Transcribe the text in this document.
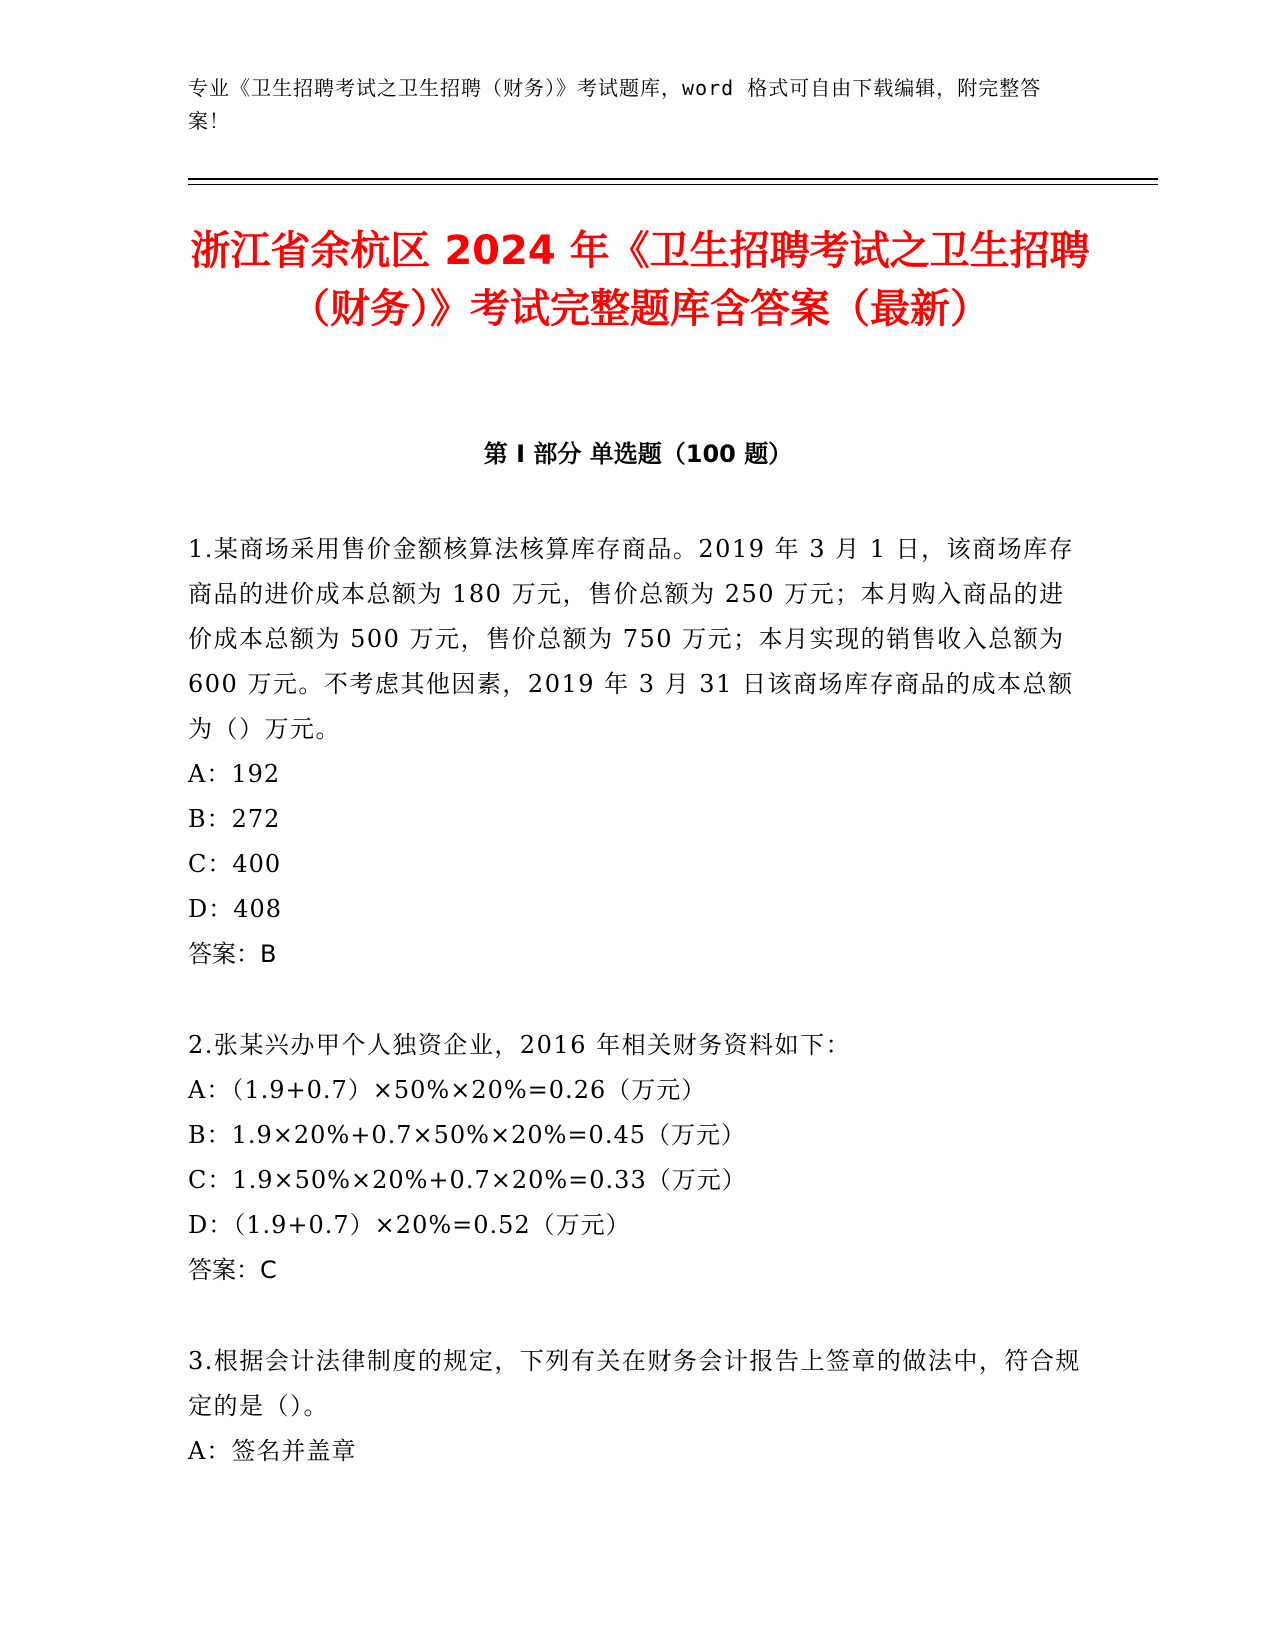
专业《卫生招聘考试之卫生招聘（财务）》考试题库，word 格式可自由下载编辑，附完整答案！
浙江省余杭区 2024 年《卫生招聘考试之卫生招聘（财务）》考试完整题库含答案（最新）
第 I 部分 单选题（100 题）

1.某商场采用售价金额核算法核算库存商品。2019 年 3 月 1 日，该商场库存商品的进价成本总额为 180 万元，售价总额为 250 万元；本月购入商品的进价成本总额为 500 万元，售价总额为 750 万元；本月实现的销售收入总额为 600 万元。不考虑其他因素，2019 年 3 月 31 日该商场库存商品的成本总额为（）万元。

A：192

B：272

C：400

D：408

答案：B

2.张某兴办甲个人独资企业，2016 年相关财务资料如下：

A：（1.9+0.7）×50%×20%=0.26（万元）

B：1.9×20%+0.7×50%×20%=0.45（万元）

C：1.9×50%×20%+0.7×20%=0.33（万元）

D：（1.9+0.7）×20%=0.52（万元）

答案：C

3.根据会计法律制度的规定，下列有关在财务会计报告上签章的做法中，符合规定的是（）。

A：签名并盖章
